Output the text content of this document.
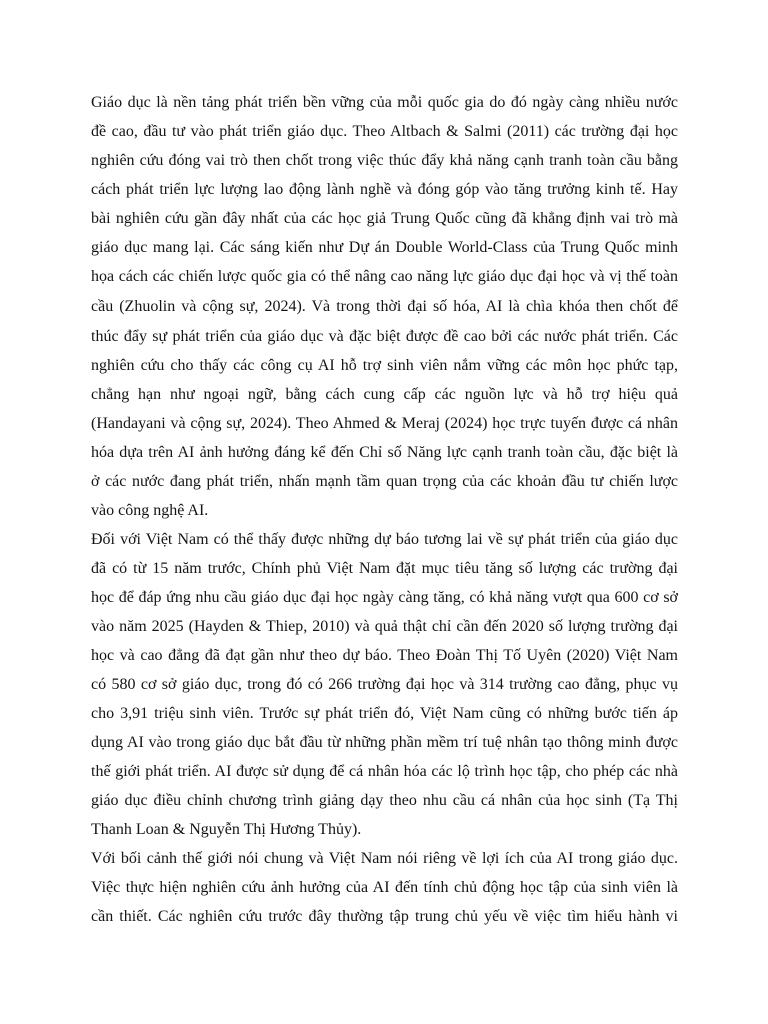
Giáo dục là nền tảng phát triển bền vững của mỗi quốc gia do đó ngày càng nhiều nước
đề cao, đầu tư vào phát triển giáo dục. Theo Altbach & Salmi (2011) các trường đại học
nghiên cứu đóng vai trò then chốt trong việc thúc đẩy khả năng cạnh tranh toàn cầu bằng
cách phát triển lực lượng lao động lành nghề và đóng góp vào tăng trưởng kinh tế. Hay
bài nghiên cứu gần đây nhất của các học giả Trung Quốc cũng đã khẳng định vai trò mà
giáo dục mang lại. Các sáng kiến như Dự án Double World-Class của Trung Quốc minh
họa cách các chiến lược quốc gia có thể nâng cao năng lực giáo dục đại học và vị thế toàn
cầu (Zhuolin và cộng sự, 2024). Và trong thời đại số hóa, AI là chìa khóa then chốt để
thúc đẩy sự phát triển của giáo dục và đặc biệt được đề cao bởi các nước phát triển. Các
nghiên cứu cho thấy các công cụ AI hỗ trợ sinh viên nắm vững các môn học phức tạp,
chẳng hạn như ngoại ngữ, bằng cách cung cấp các nguồn lực và hỗ trợ hiệu quả
(Handayani và cộng sự, 2024). Theo Ahmed & Meraj (2024) học trực tuyến được cá nhân
hóa dựa trên AI ảnh hưởng đáng kể đến Chỉ số Năng lực cạnh tranh toàn cầu, đặc biệt là
ở các nước đang phát triển, nhấn mạnh tầm quan trọng của các khoản đầu tư chiến lược
vào công nghệ AI.
Đối với Việt Nam có thể thấy được những dự báo tương lai về sự phát triển của giáo dục
đã có từ 15 năm trước, Chính phủ Việt Nam đặt mục tiêu tăng số lượng các trường đại
học để đáp ứng nhu cầu giáo dục đại học ngày càng tăng, có khả năng vượt qua 600 cơ sở
vào năm 2025 (Hayden & Thiep, 2010) và quả thật chỉ cần đến 2020 số lượng trường đại
học và cao đẳng đã đạt gần như theo dự báo. Theo Đoàn Thị Tố Uyên (2020) Việt Nam
có 580 cơ sở giáo dục, trong đó có 266 trường đại học và 314 trường cao đẳng, phục vụ
cho 3,91 triệu sinh viên. Trước sự phát triển đó, Việt Nam cũng có những bước tiến áp
dụng AI vào trong giáo dục bắt đầu từ những phần mềm trí tuệ nhân tạo thông minh được
thế giới phát triển. AI được sử dụng để cá nhân hóa các lộ trình học tập, cho phép các nhà
giáo dục điều chỉnh chương trình giảng dạy theo nhu cầu cá nhân của học sinh (Tạ Thị
Thanh Loan & Nguyễn Thị Hương Thủy).
Với bối cảnh thế giới nói chung và Việt Nam nói riêng về lợi ích của AI trong giáo dục.
Việc thực hiện nghiên cứu ảnh hưởng của AI đến tính chủ động học tập của sinh viên là
cần thiết. Các nghiên cứu trước đây thường tập trung chủ yếu về việc tìm hiểu hành vi
